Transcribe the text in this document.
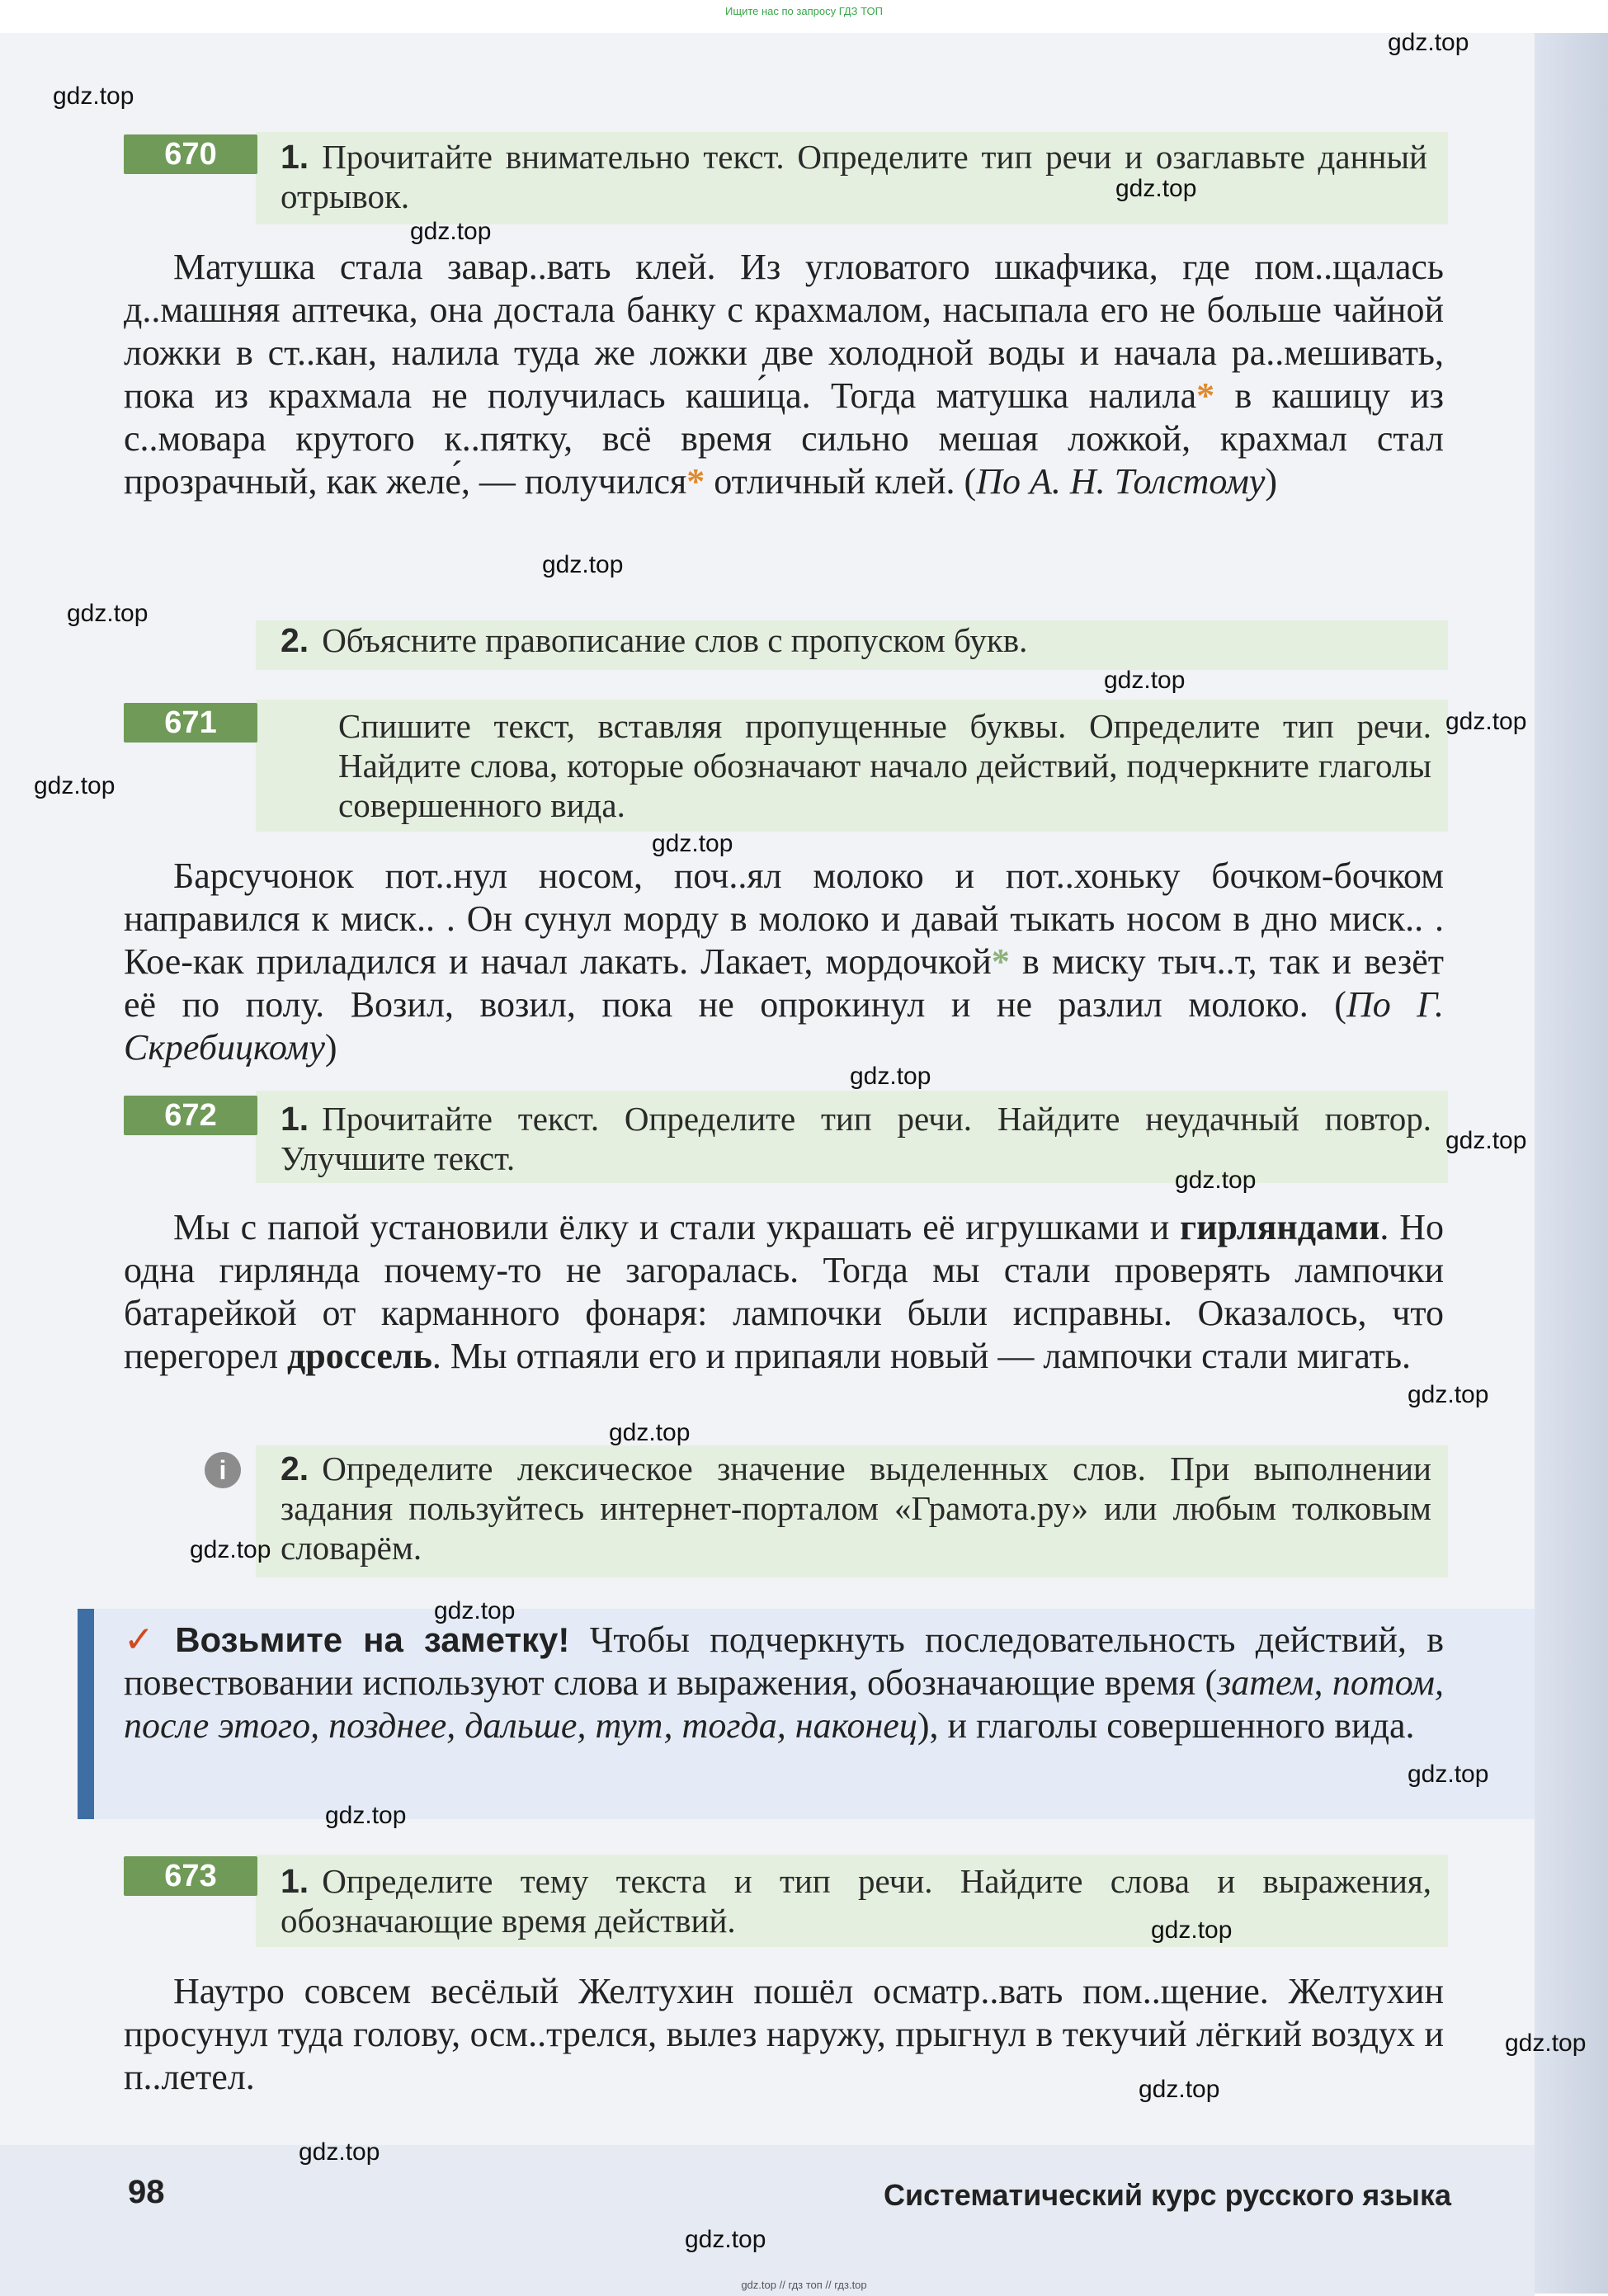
Ищите нас по запросу ГДЗ ТОП
670	1. Прочитайте внимательно текст. Определите тип речи и озаглавьте данный отрывок.
Матушка стала завар..вать клей. Из угловатого шкафчика, где пом..щалась д..машняя аптечка, она достала банку с крахмалом, насыпала его не больше чайной ложки в ст..кан, налила туда же ложки две холодной воды и начала ра..мешивать, пока из крахмала не получилась каши́ца. Тогда матушка налила* в кашицу из с..мовара крутого к..пятку, всё время сильно мешая ложкой, крахмал стал прозрачный, как желе́, — получился* отличный клей. (По А. Н. Толстому)
2. Объясните правописание слов с пропуском букв.
671	Спишите текст, вставляя пропущенные буквы. Определите тип речи. Найдите слова, которые обозначают начало действий, подчеркните глаголы совершенного вида.
Барсучонок пот..нул носом, поч..ял молоко и пот..хоньку бочком-бочком направился к миск.. . Он сунул морду в молоко и давай тыкать носом в дно миск.. . Кое-как приладился и начал лакать. Лакает, мордочкой* в миску тыч..т, так и везёт её по полу. Возил, возил, пока не опрокинул и не разлил молоко. (По Г. Скребицкому)
672	1. Прочитайте текст. Определите тип речи. Найдите неудачный повтор. Улучшите текст.
Мы с папой установили ёлку и стали украшать её игрушками и гирляндами. Но одна гирлянда почему-то не загоралась. Тогда мы стали проверять лампочки батарейкой от карманного фонаря: лампочки были исправны. Оказалось, что перегорел дроссель. Мы отпаяли его и припаяли новый — лампочки стали мигать.
i	2. Определите лексическое значение выделенных слов. При выполнении задания пользуйтесь интернет-порталом «Грамота.ру» или любым толковым словарём.
✓ Возьмите на заметку! Чтобы подчеркнуть последовательность действий, в повествовании используют слова и выражения, обозначающие время (затем, потом, после этого, позднее, дальше, тут, тогда, наконец), и глаголы совершенного вида.
673	1. Определите тему текста и тип речи. Найдите слова и выражения, обозначающие время действий.
Наутро совсем весёлый Желтухин пошёл осматр..вать пом..щение. Желтухин просунул туда голову, осм..трелся, вылез наружу, прыгнул в текучий лёгкий воздух и п..летел.
98	Систематический курс русского языка
gdz.top
gdz.top
gdz.top
gdz.top
gdz.top
gdz.top
gdz.top
gdz.top
gdz.top
gdz.top
gdz.top
gdz.top
gdz.top
gdz.top
gdz.top
gdz.top
gdz.top
gdz.top
gdz.top
gdz.top
gdz.top
gdz.top
gdz.top
gdz.top
gdz.top // гдз топ // гдз.top
